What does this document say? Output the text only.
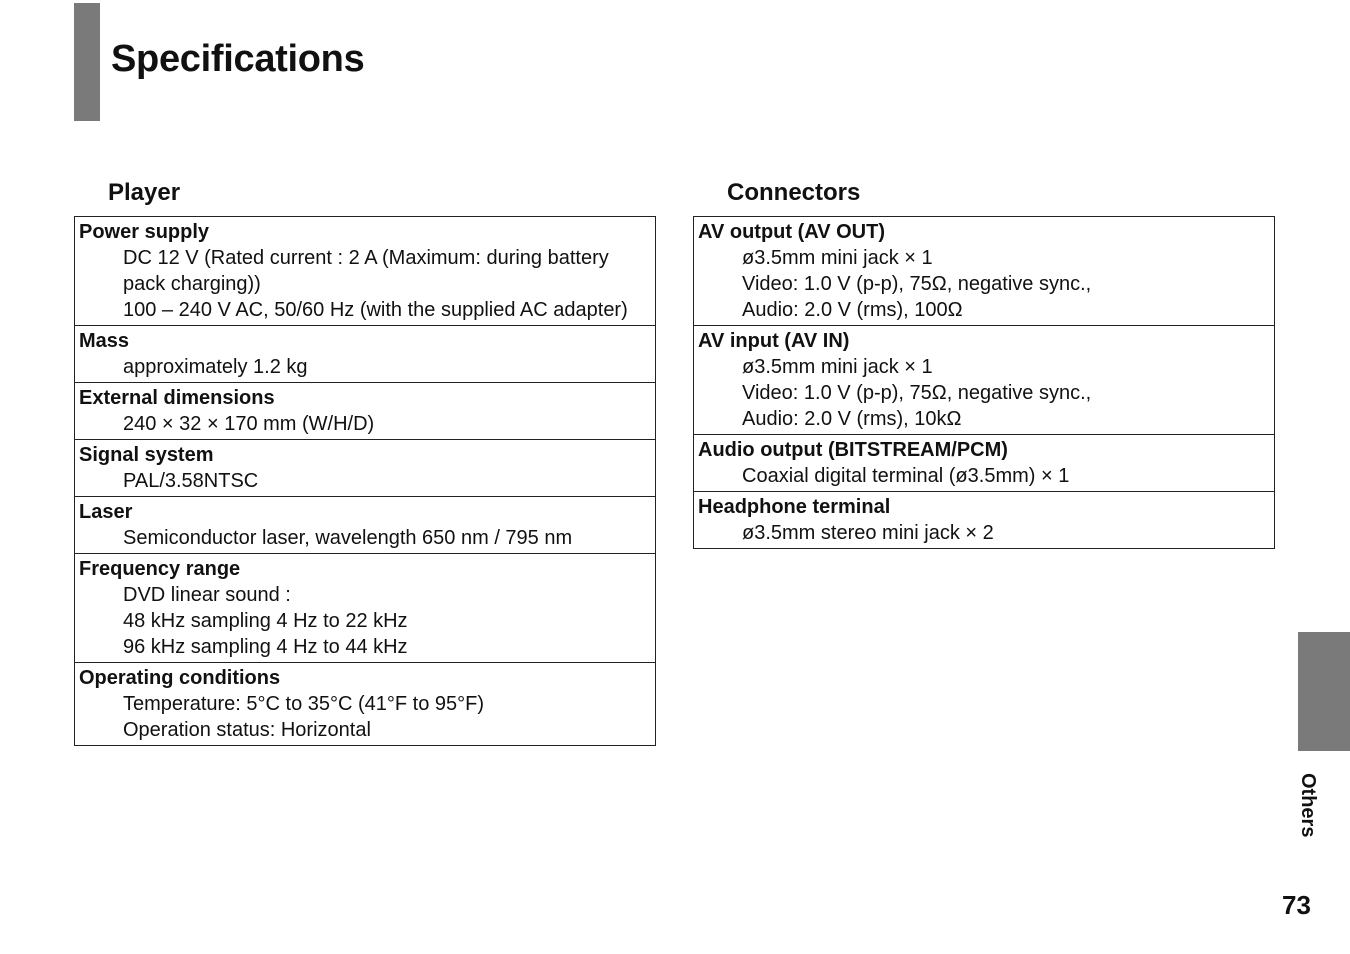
Specifications
Player
Power supply
DC 12 V (Rated current : 2 A (Maximum: during battery
pack charging))
100 – 240 V AC, 50/60 Hz (with the supplied AC adapter)
Mass
approximately 1.2 kg
External dimensions
240 × 32 × 170 mm (W/H/D)
Signal system
PAL/3.58NTSC
Laser
Semiconductor laser, wavelength 650 nm / 795 nm
Frequency range
DVD linear sound :
48 kHz sampling 4 Hz to 22 kHz
96 kHz sampling 4 Hz to 44 kHz
Operating conditions
Temperature: 5°C to 35°C (41°F to 95°F)
Operation status: Horizontal
Connectors
AV output (AV OUT)
ø3.5mm mini jack × 1
Video: 1.0 V (p-p), 75Ω, negative sync.,
Audio: 2.0 V (rms), 100Ω
AV input (AV IN)
ø3.5mm mini jack × 1
Video: 1.0 V (p-p), 75Ω, negative sync.,
Audio: 2.0 V (rms), 10kΩ
Audio output (BITSTREAM/PCM)
Coaxial digital terminal (ø3.5mm) × 1
Headphone terminal
ø3.5mm stereo mini jack × 2
Others
73
